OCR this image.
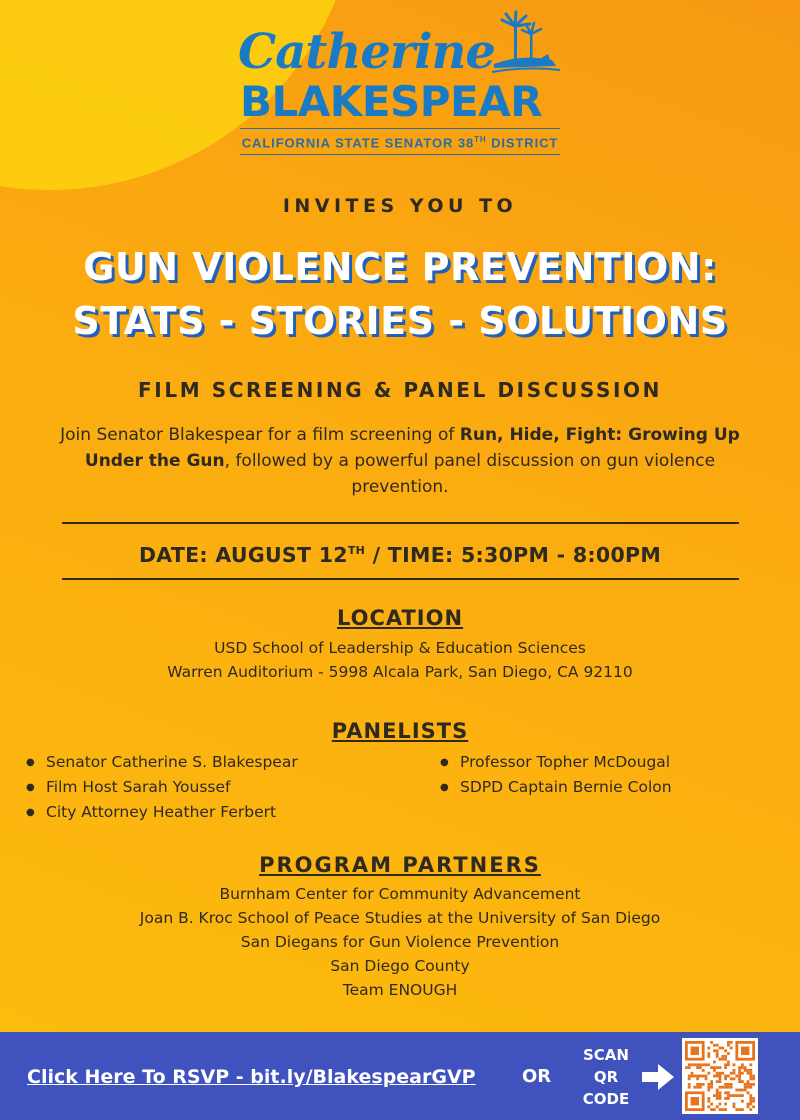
Catherine
BLAKESPEAR
CALIFORNIA STATE SENATOR 38TH DISTRICT
INVITES YOU TO
GUN VIOLENCE PREVENTION:
STATS - STORIES - SOLUTIONS
FILM SCREENING & PANEL DISCUSSION
Join Senator Blakespear for a film screening of Run, Hide, Fight: Growing Up Under the Gun, followed by a powerful panel discussion on gun violence prevention.
DATE: AUGUST 12TH / TIME: 5:30PM - 8:00PM
LOCATION
USD School of Leadership & Education Sciences
Warren Auditorium - 5998 Alcala Park, San Diego, CA 92110
PANELISTS
● Senator Catherine S. Blakespear
● Film Host Sarah Youssef
● City Attorney Heather Ferbert
● Professor Topher McDougal
● SDPD Captain Bernie Colon
PROGRAM PARTNERS
Burnham Center for Community Advancement
Joan B. Kroc School of Peace Studies at the University of San Diego
San Diegans for Gun Violence Prevention
San Diego County
Team ENOUGH
Click Here To RSVP - bit.ly/BlakespearGVP	OR
SCAN
QR
CODE
